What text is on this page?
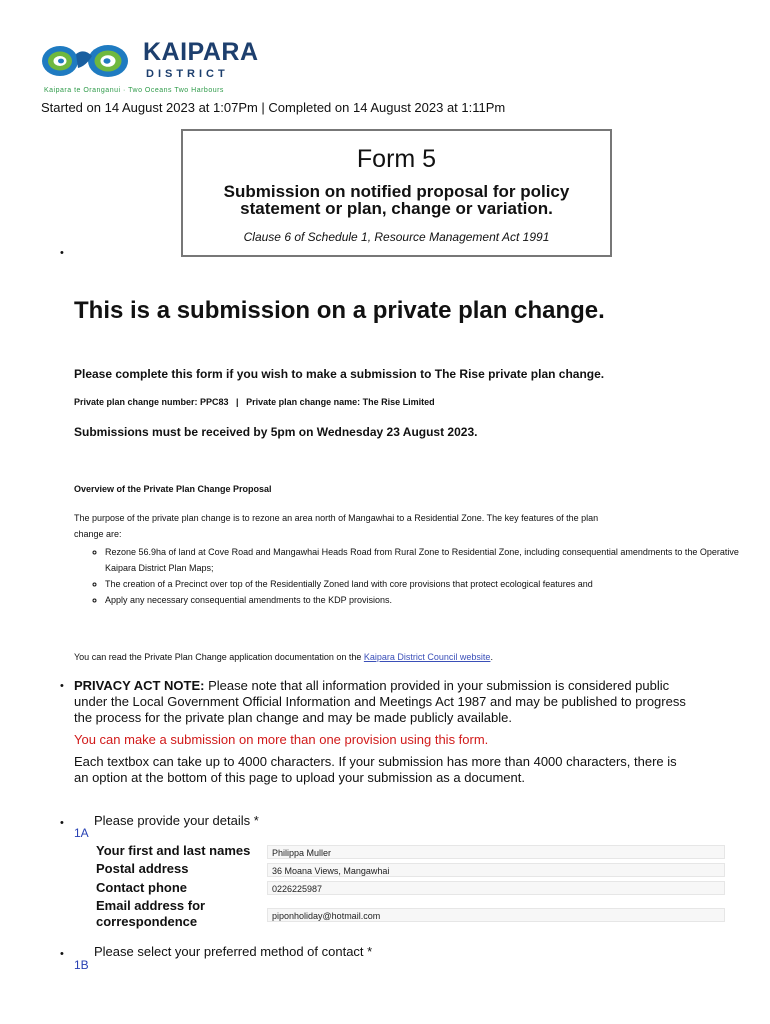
KAIPARA
DISTRICT
Kaipara te Oranganui · Two Oceans Two Harbours
Started on 14 August 2023 at 1:07Pm | Completed on 14 August 2023 at 1:11Pm
Form 5
Submission on notified proposal for policy
statement or plan, change or variation.
Clause 6 of Schedule 1, Resource Management Act 1991
•
This is a submission on a private plan change.
Please complete this form if you wish to make a submission to The Rise private plan change.
Private plan change number: PPC83   |   Private plan change name: The Rise Limited
Submissions must be received by 5pm on Wednesday 23 August 2023.
Overview of the Private Plan Change Proposal
The purpose of the private plan change is to rezone an area north of Mangawhai to a Residential Zone. The key features of the plan
change are:
◦ Rezone 56.9ha of land at Cove Road and Mangawhai Heads Road from Rural Zone to Residential Zone, including consequential amendments to the Operative Kaipara District Plan Maps;
◦ The creation of a Precinct over top of the Residentially Zoned land with core provisions that protect ecological features and
◦ Apply any necessary consequential amendments to the KDP provisions.
You can read the Private Plan Change application documentation on the Kaipara District Council website.
• PRIVACY ACT NOTE: Please note that all information provided in your submission is considered public
under the Local Government Official Information and Meetings Act 1987 and may be published to progress
the process for the private plan change and may be made publicly available.
You can make a submission on more than one provision using this form.
Each textbox can take up to 4000 characters. If your submission has more than 4000 characters, there is
an option at the bottom of this page to upload your submission as a document.
• Please provide your details *
1A
Your first and last names	Philippa Muller
Postal address	36 Moana Views, Mangawhai
Contact phone	0226225987
Email address for
correspondence	piponholiday@hotmail.com
• Please select your preferred method of contact *
1B
